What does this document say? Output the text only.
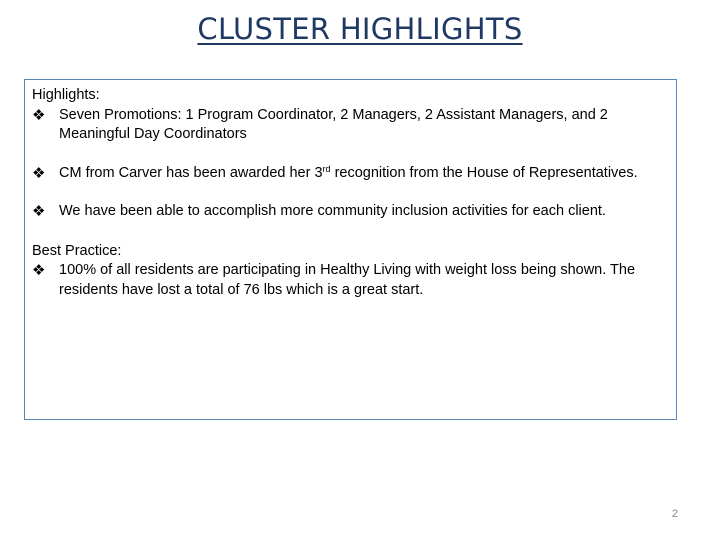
CLUSTER HIGHLIGHTS
Highlights:
❖ Seven Promotions: 1 Program Coordinator, 2 Managers, 2 Assistant Managers, and 2 Meaningful Day Coordinators
❖ CM from Carver has been awarded her 3rd recognition from the House of Representatives.
❖ We have been able to accomplish more community inclusion activities for each client.
Best Practice:
❖ 100% of all residents are participating in Healthy Living with weight loss being shown. The residents have lost a total of 76 lbs which is a great start.
2
